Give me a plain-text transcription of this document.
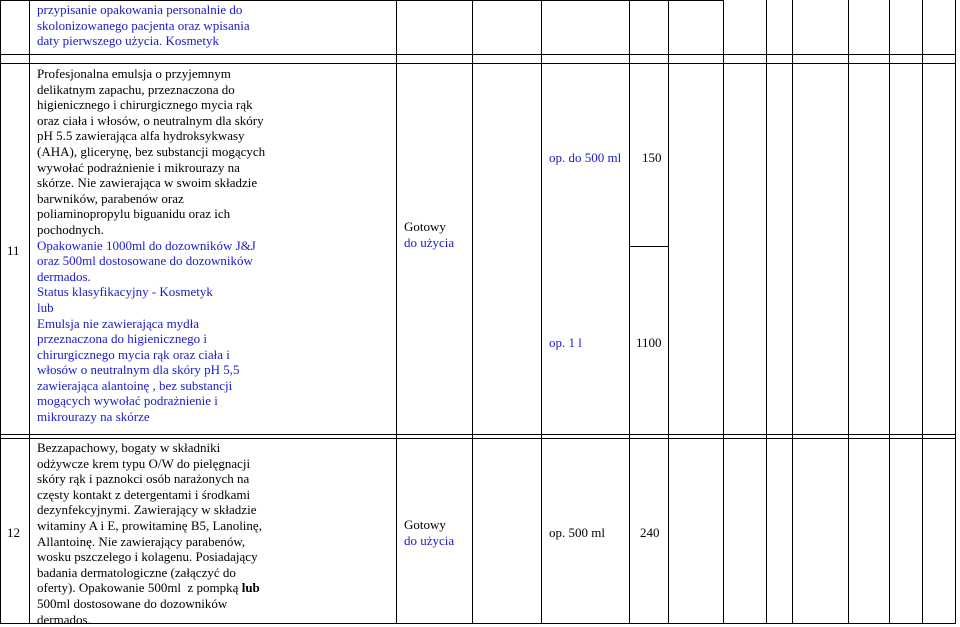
przypisanie opakowania personalnie do
skolonizowanego pacjenta oraz wpisania
daty pierwszego użycia. Kosmetyk
11
Profesjonalna emulsja o przyjemnym
delikatnym zapachu, przeznaczona do
higienicznego i chirurgicznego mycia rąk
oraz ciała i włosów, o neutralnym dla skóry
pH 5.5 zawierająca alfa hydroksykwasy
(AHA), glicerynę, bez substancji mogących
wywołać podrażnienie i mikrourazy na
skórze. Nie zawierająca w swoim składzie
barwników, parabenów oraz
poliaminopropylu biguanidu oraz ich
pochodnych.
Opakowanie 1000ml do dozowników J&J
oraz 500ml dostosowane do dozowników
dermados.
Status klasyfikacyjny - Kosmetyk
lub
Emulsja nie zawierająca mydła
przeznaczona do higienicznego i
chirurgicznego mycia rąk oraz ciała i
włosów o neutralnym dla skóry pH 5,5
zawierająca alantoinę , bez substancji
mogących wywołać podrażnienie i
mikrourazy na skórze
Gotowy
do użycia
op. do 500 ml 150
op. 1 l	1100
12
Bezzapachowy, bogaty w składniki
odżywcze krem typu O/W do pielęgnacji
skóry rąk i paznokci osób narażonych na
częsty kontakt z detergentami i środkami
dezynfekcyjnymi. Zawierający w składzie
witaminy A i E, prowitaminę B5, Lanolinę,
Allantoinę. Nie zawierający parabenów,
wosku pszczelego i kolagenu. Posiadający
badania dermatologiczne (załączyć do
oferty). Opakowanie 500ml  z pompką lub
500ml dostosowane do dozowników
dermados.
Gotowy
do użycia
op. 500 ml	240
